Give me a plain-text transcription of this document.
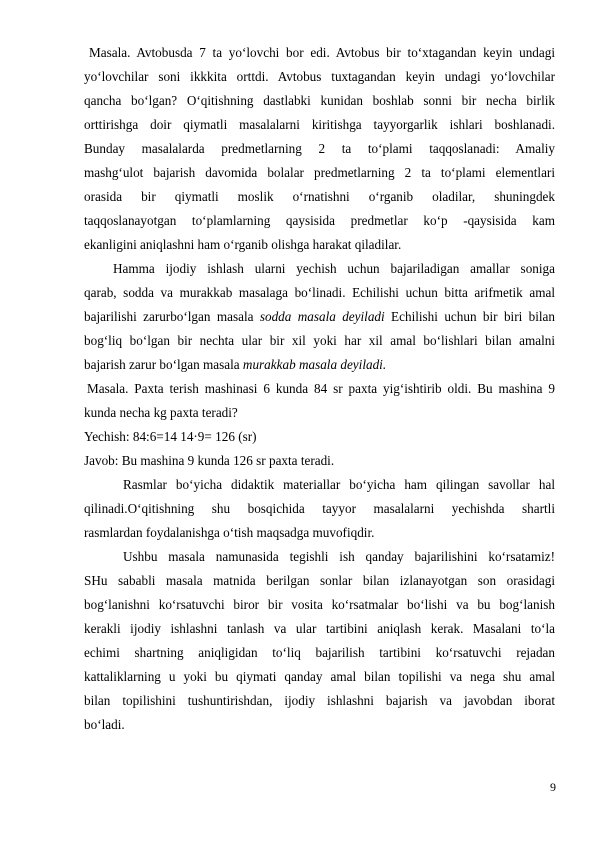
Masala. Avtobusda 7 ta yo‘lovchi bor edi. Avtobus bir to‘xtagandan keyin undagi
yo‘lovchilar soni ikkkita orttdi. Avtobus tuxtagandan keyin undagi yo‘lovchilar
qancha bo‘lgan? O‘qitishning dastlabki kunidan boshlab sonni bir necha birlik
orttirishga doir qiymatli masalalarni kiritishga tayyorgarlik ishlari boshlanadi.
Bunday masalalarda predmetlarning 2 ta to‘plami taqqoslanadi: Amaliy
mashg‘ulot bajarish davomida bolalar predmetlarning 2 ta to‘plami elementlari
orasida bir qiymatli moslik o‘rnatishni o‘rganib oladilar, shuningdek
taqqoslanayotgan to‘plamlarning qaysisida predmetlar ko‘p -qaysisida kam
ekanligini aniqlashni ham o‘rganib olishga harakat qiladilar.
Hamma ijodiy ishlash ularni yechish uchun bajariladigan amallar soniga
qarab, sodda va murakkab masalaga bo‘linadi. Echilishi uchun bitta arifmetik amal
bajarilishi zarurbo‘lgan masala sodda masala deyiladi Echilishi uchun bir biri bilan
bog‘liq bo‘lgan bir nechta ular bir xil yoki har xil amal bo‘lishlari bilan amalni
bajarish zarur bo‘lgan masala murakkab masala deyiladi.
Masala. Paxta terish mashinasi 6 kunda 84 sr paxta yig‘ishtirib oldi. Bu mashina 9
kunda necha kg paxta teradi?
Yechish: 84:6=14 14·9= 126 (sr)
Javob: Bu mashina 9 kunda 126 sr paxta teradi.
Rasmlar bo‘yicha didaktik materiallar bo‘yicha ham qilingan savollar hal
qilinadi.O‘qitishning shu bosqichida tayyor masalalarni yechishda shartli
rasmlardan foydalanishga o‘tish maqsadga muvofiqdir.
Ushbu masala namunasida tegishli ish qanday bajarilishini ko‘rsatamiz!
SHu sababli masala matnida berilgan sonlar bilan izlanayotgan son orasidagi
bog‘lanishni ko‘rsatuvchi biror bir vosita ko‘rsatmalar bo‘lishi va bu bog‘lanish
kerakli ijodiy ishlashni tanlash va ular tartibini aniqlash kerak. Masalani to‘la
echimi shartning aniqligidan to‘liq bajarilish tartibini ko‘rsatuvchi rejadan
kattaliklarning u yoki bu qiymati qanday amal bilan topilishi va nega shu amal
bilan topilishini tushuntirishdan, ijodiy ishlashni bajarish va javobdan iborat
bo‘ladi.
9
